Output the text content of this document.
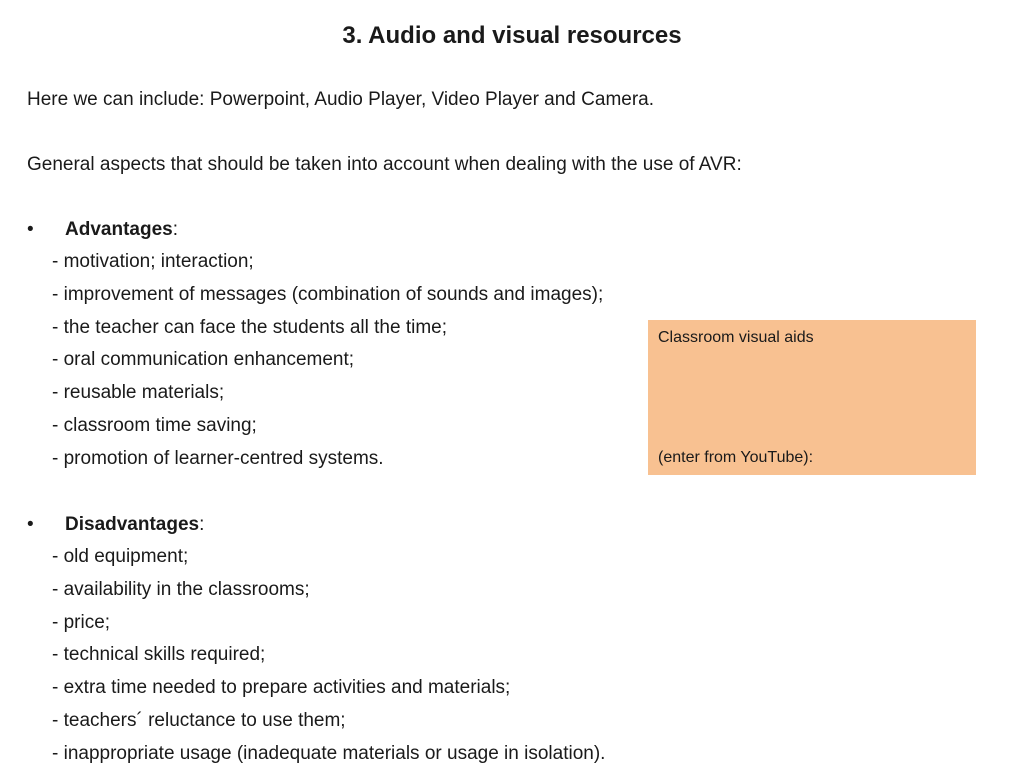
3. Audio and visual resources

Here we can include: Powerpoint, Audio Player, Video Player and Camera.

General aspects that should be taken into account when dealing with the use of AVR:

• Advantages:
- motivation; interaction;
- improvement of messages (combination of sounds and images);
- the teacher can face the students all the time;
- oral communication enhancement;
- reusable materials;
- classroom time saving;
- promotion of learner-centred systems.
• Disadvantages:
- old equipment;
- availability in the classrooms;
- price;
- technical skills required;
- extra time needed to prepare activities and materials;
- teachers´ reluctance to use them;
- inappropriate usage (inadequate materials or usage in isolation).
Classroom visual aids
(enter from YouTube):
